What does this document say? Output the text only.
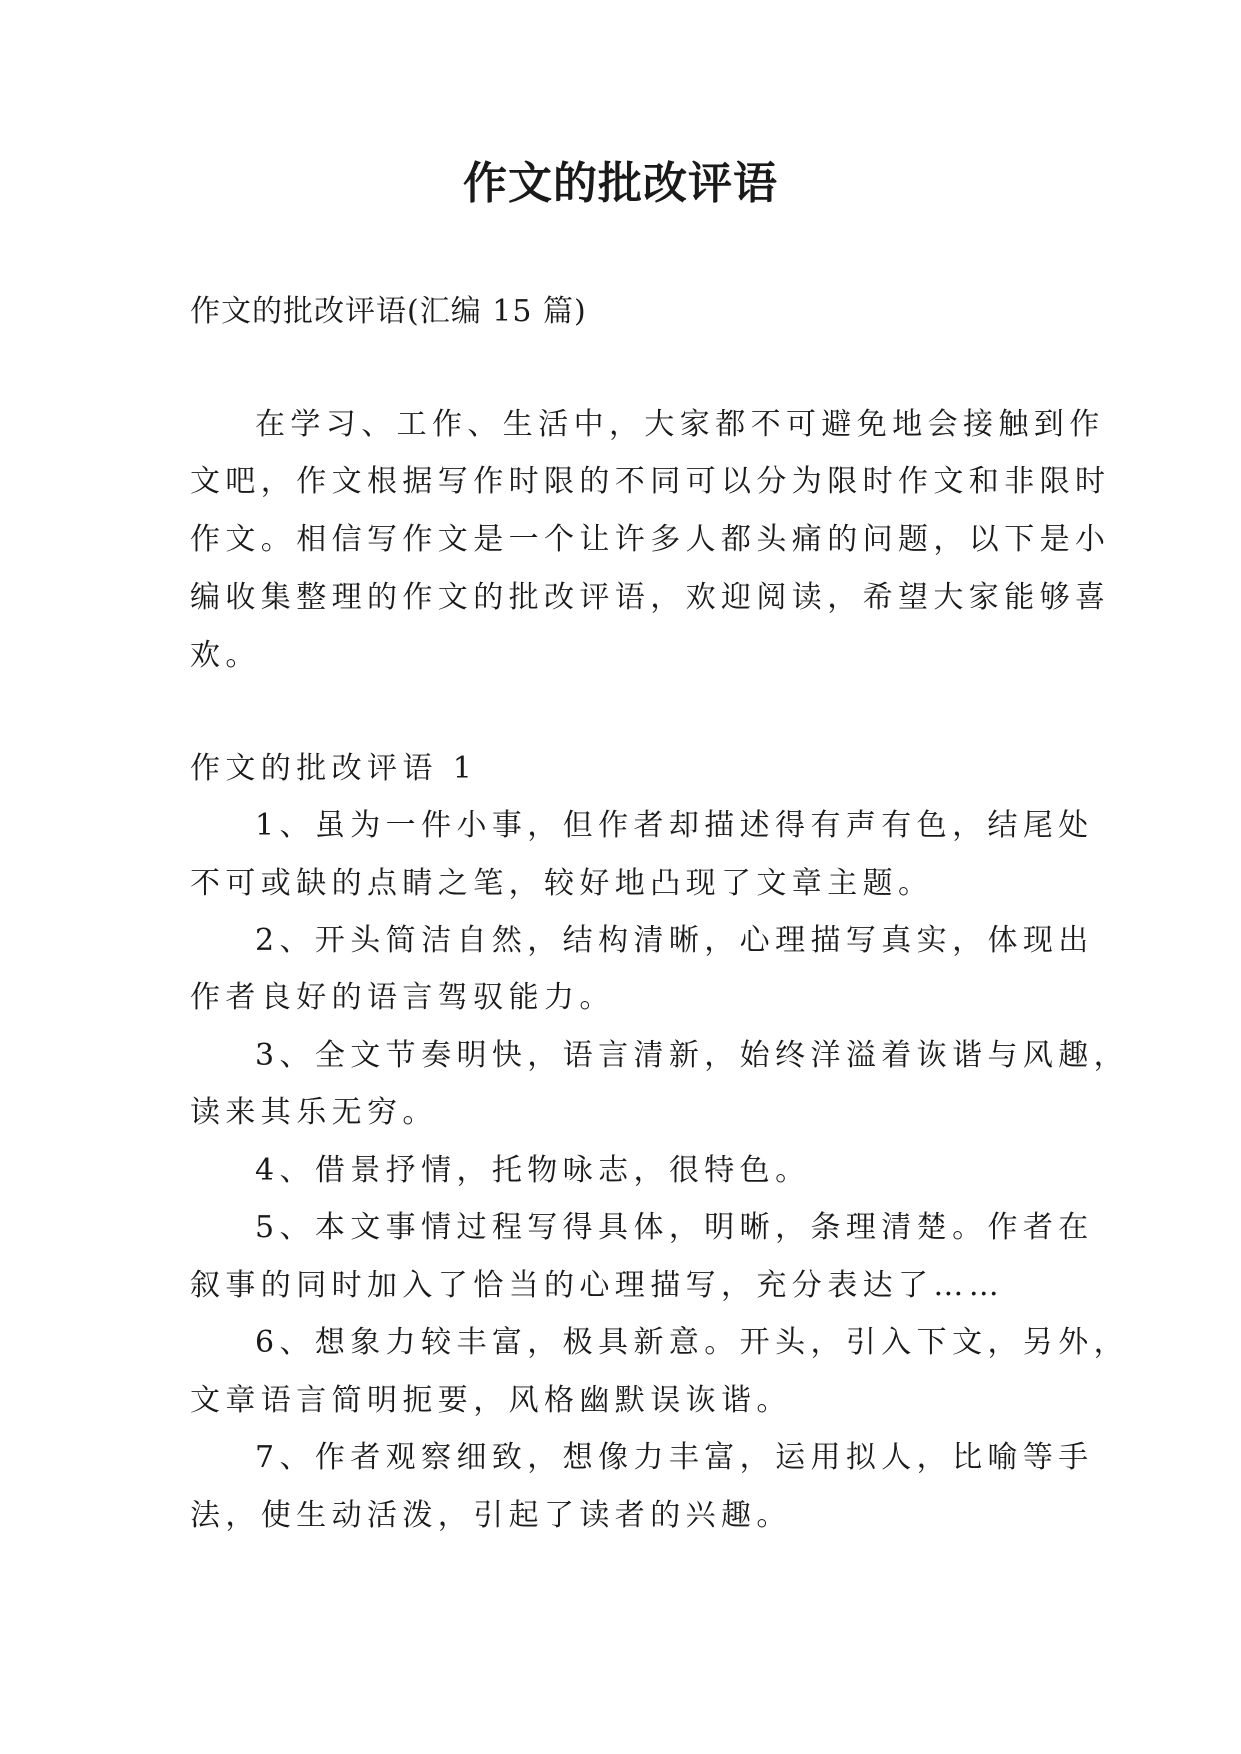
作文的批改评语

作文的批改评语(汇编 15 篇)

在学习、工作、生活中，大家都不可避免地会接触到作

文吧，作文根据写作时限的不同可以分为限时作文和非限时

作文。相信写作文是一个让许多人都头痛的问题，以下是小

编收集整理的作文的批改评语，欢迎阅读，希望大家能够喜

欢。

作文的批改评语 1

1、虽为一件小事，但作者却描述得有声有色，结尾处

不可或缺的点睛之笔，较好地凸现了文章主题。

2、开头简洁自然，结构清晰，心理描写真实，体现出

作者良好的语言驾驭能力。

3、全文节奏明快，语言清新，始终洋溢着诙谐与风趣，

读来其乐无穷。

4、借景抒情，托物咏志，很特色。

5、本文事情过程写得具体，明晰，条理清楚。作者在

叙事的同时加入了恰当的心理描写，充分表达了……

6、想象力较丰富，极具新意。开头，引入下文，另外，

文章语言简明扼要，风格幽默误诙谐。

7、作者观察细致，想像力丰富，运用拟人，比喻等手

法，使生动活泼，引起了读者的兴趣。
